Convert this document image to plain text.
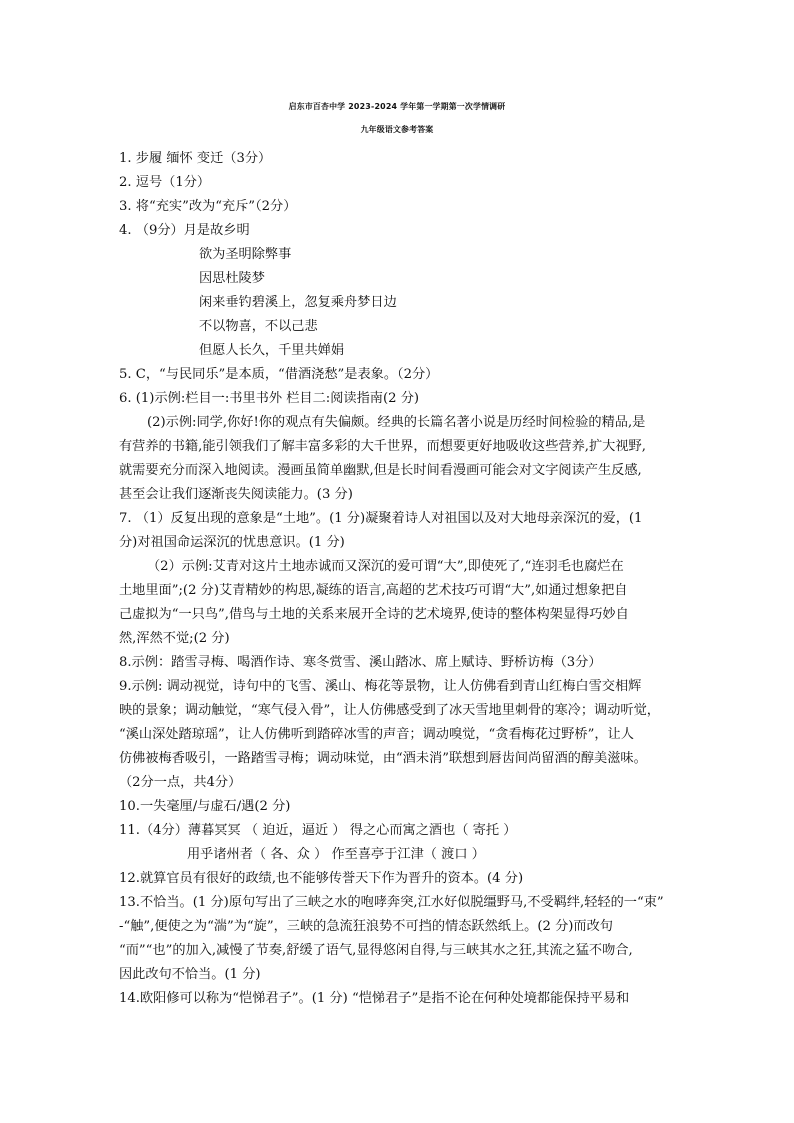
启东市百杏中学 2023-2024 学年第一学期第一次学情调研
九年级语文参考答案
1. 步履 缅怀 变迁（3分）
2. 逗号（1分）
3. 将“充实”改为“充斥”（2分）
4. （9分）月是故乡明
欲为圣明除弊事
因思杜陵梦
闲来垂钓碧溪上，忽复乘舟梦日边
不以物喜，不以己悲
但愿人长久，千里共婵娟
5. C，“与民同乐”是本质，“借酒浇愁”是表象。（2分）
6. (1)示例:栏目一:书里书外 栏目二:阅读指南(2 分)
(2)示例:同学,你好!你的观点有失偏颇。经典的长篇名著小说是历经时间检验的精品,是
有营养的书籍,能引领我们了解丰富多彩的大千世界，而想要更好地吸收这些营养,扩大视野,
就需要充分而深入地阅读。漫画虽简单幽默,但是长时间看漫画可能会对文字阅读产生反感,
甚至会让我们逐渐丧失阅读能力。(3 分)
7. （1）反复出现的意象是“土地”。(1 分)凝聚着诗人对祖国以及对大地母亲深沉的爱，(1
分)对祖国命运深沉的忧患意识。(1 分)
（2）示例:艾青对这片土地赤诚而又深沉的爱可谓“大”,即使死了,“连羽毛也腐烂在
土地里面”;(2 分)艾青精妙的构思,凝练的语言,高超的艺术技巧可谓“大”,如通过想象把自
己虚拟为“一只鸟”,借鸟与土地的关系来展开全诗的艺术境界,使诗的整体构架显得巧妙自
然,浑然不觉;(2 分)
8.示例：踏雪寻梅、喝酒作诗、寒冬赏雪、溪山踏冰、席上赋诗、野桥访梅（3分）
9.示例: 调动视觉，诗句中的飞雪、溪山、梅花等景物，让人仿佛看到青山红梅白雪交相辉
映的景象；调动触觉，“寒气侵入骨”，让人仿佛感受到了冰天雪地里刺骨的寒冷；调动听觉，
“溪山深处踏琼瑶”，让人仿佛听到踏碎冰雪的声音；调动嗅觉，“贪看梅花过野桥”，让人
仿佛被梅香吸引，一路踏雪寻梅；调动味觉，由“酒未消”联想到唇齿间尚留酒的醇美滋味。
（2分一点，共4分）
10.一失毫厘/与虚石/遇(2 分)
11.（4分）薄暮冥冥 （ 迫近，逼近 ） 得之心而寓之酒也（ 寄托 ）
用乎诸州者（ 各、众 ） 作至喜亭于江津（ 渡口 ）
12.就算官员有很好的政绩,也不能够传誉天下作为晋升的资本。(4 分)
13.不恰当。(1 分)原句写出了三峡之水的咆哮奔突,江水好似脱缰野马,不受羁绊,轻轻的一“束”
-“触”,便使之为“湍”为“旋”，三峡的急流狂浪势不可挡的情态跃然纸上。(2 分)而改句
“而”“也”的加入,减慢了节奏,舒缓了语气,显得悠闲自得,与三峡其水之狂,其流之猛不吻合,
因此改句不恰当。(1 分)
14.欧阳修可以称为“恺悌君子”。(1 分) “恺悌君子”是指不论在何种处境都能保持平易和
